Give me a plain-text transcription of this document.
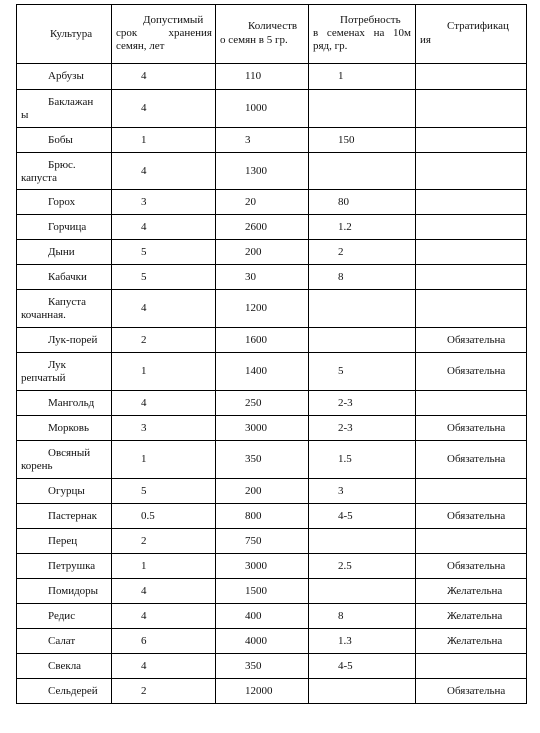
Культура	Допустимый
срок хранения
семян, лет	Количеств
о семян в 5 гр.	Потребность
в семенах на 10м
ряд, гр.	Стратификац
ия

Арбузы	4	110	1	

Баклажан
ы	4	1000		
Бобы	1	3	150	

Брюс.
капуста	4	1300		
Горох	3	20	80	
Горчица	4	2600	1.2	
Дыни	5	200	2	
Кабачки	5	30	8	

Капуста
кочанная.	4	1200		
Лук-порей	2	1600		Обязательна

Лук
репчатый	1	1400	5	Обязательна
Мангольд	4	250	2-3	
Морковь	3	3000	2-3	Обязательна

Овсяный
корень	1	350	1.5	Обязательна
Огурцы	5	200	3	
Пастернак	0.5	800	4-5	Обязательна
Перец	2	750		
Петрушка	1	3000	2.5	Обязательна
Помидоры	4	1500		Желательна
Редис	4	400	8	Желательна
Салат	6	4000	1.3	Желательна
Свекла	4	350	4-5	
Сельдерей	2	12000		Обязательна
